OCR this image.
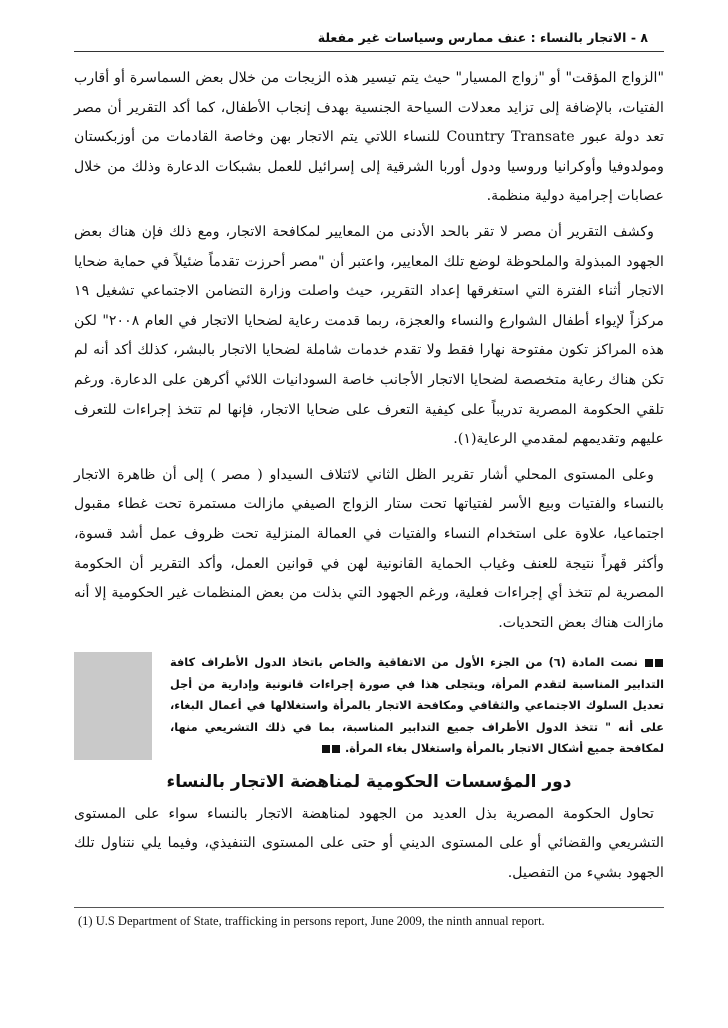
٨ - الاتجار بالنساء : عنف ممارس وسياسات غير مفعلة

"الزواج المؤقت" أو "زواج المسيار" حيث يتم تيسير هذه الزيجات من خلال بعض السماسرة أو أقارب الفتيات، بالإضافة إلى تزايد معدلات السياحة الجنسية بهدف إنجاب الأطفال، كما أكد التقرير أن مصر تعد دولة عبور Country Transate للنساء اللاتي يتم الاتجار بهن وخاصة القادمات من أوزبكستان ومولدوفيا وأوكرانيا وروسيا ودول أوربا الشرقية إلى إسرائيل للعمل بشبكات الدعارة وذلك من خلال عصابات إجرامية دولية منظمة.

وكشف التقرير أن مصر لا تقر بالحد الأدنى من المعايير لمكافحة الاتجار، ومع ذلك فإن هناك بعض الجهود المبذولة والملحوظة لوضع تلك المعايير، واعتبر أن "مصر أحرزت تقدماً ضئيلاً في حماية ضحايا الاتجار أثناء الفترة التي استغرقها إعداد التقرير، حيث واصلت وزارة التضامن الاجتماعي تشغيل ١٩ مركزاً لإيواء أطفال الشوارع والنساء والعجزة، ربما قدمت رعاية لضحايا الاتجار في العام ٢٠٠٨" لكن هذه المراكز تكون مفتوحة نهارا فقط ولا تقدم خدمات شاملة لضحايا الاتجار بالبشر، كذلك أكد أنه لم تكن هناك رعاية متخصصة لضحايا الاتجار الأجانب خاصة السودانيات اللائي أكرهن على الدعارة. ورغم تلقي الحكومة المصرية تدريباً على كيفية التعرف على ضحايا الاتجار، فإنها لم تتخذ إجراءات للتعرف عليهم وتقديمهم لمقدمي الرعاية(١).

وعلى المستوى المحلي أشار تقرير الظل الثاني لائتلاف السيداو ( مصر ) إلى أن ظاهرة الاتجار بالنساء والفتيات وبيع الأسر لفتياتها تحت ستار الزواج الصيفي مازالت مستمرة تحت غطاء مقبول اجتماعيا، علاوة على استخدام النساء والفتيات في العمالة المنزلية تحت ظروف عمل أشد قسوة، وأكثر قهراً نتيجة للعنف وغياب الحماية القانونية لهن في قوانين العمل، وأكد التقرير أن الحكومة المصرية لم تتخذ أي إجراءات فعلية، ورغم الجهود التي بذلت من بعض المنظمات غير الحكومية إلا أنه مازالت هناك بعض التحديات.

نصت المادة (٦) من الجزء الأول من الاتفاقية والخاص باتخاذ الدول الأطراف كافة التدابير المناسبة لتقدم المرأة، ويتجلى هذا في صورة إجراءات قانونية وإدارية من أجل تعديل السلوك الاجتماعي والثقافي ومكافحة الاتجار بالمرأة واستغلالها في أعمال البغاء، على أنه " تتخذ الدول الأطراف جميع التدابير المناسبة، بما في ذلك التشريعي منها، لمكافحة جميع أشكال الاتجار بالمرأة واستغلال بغاء المرأة.
دور المؤسسات الحكومية لمناهضة الاتجار بالنساء

تحاول الحكومة المصرية بذل العديد من الجهود لمناهضة الاتجار بالنساء سواء على المستوى التشريعي والقضائي أو على المستوى الديني أو حتى على المستوى التنفيذي، وفيما يلي نتناول تلك الجهود بشيء من التفصيل.

(1) U.S Department of State, trafficking in persons report, June 2009, the ninth annual report.
